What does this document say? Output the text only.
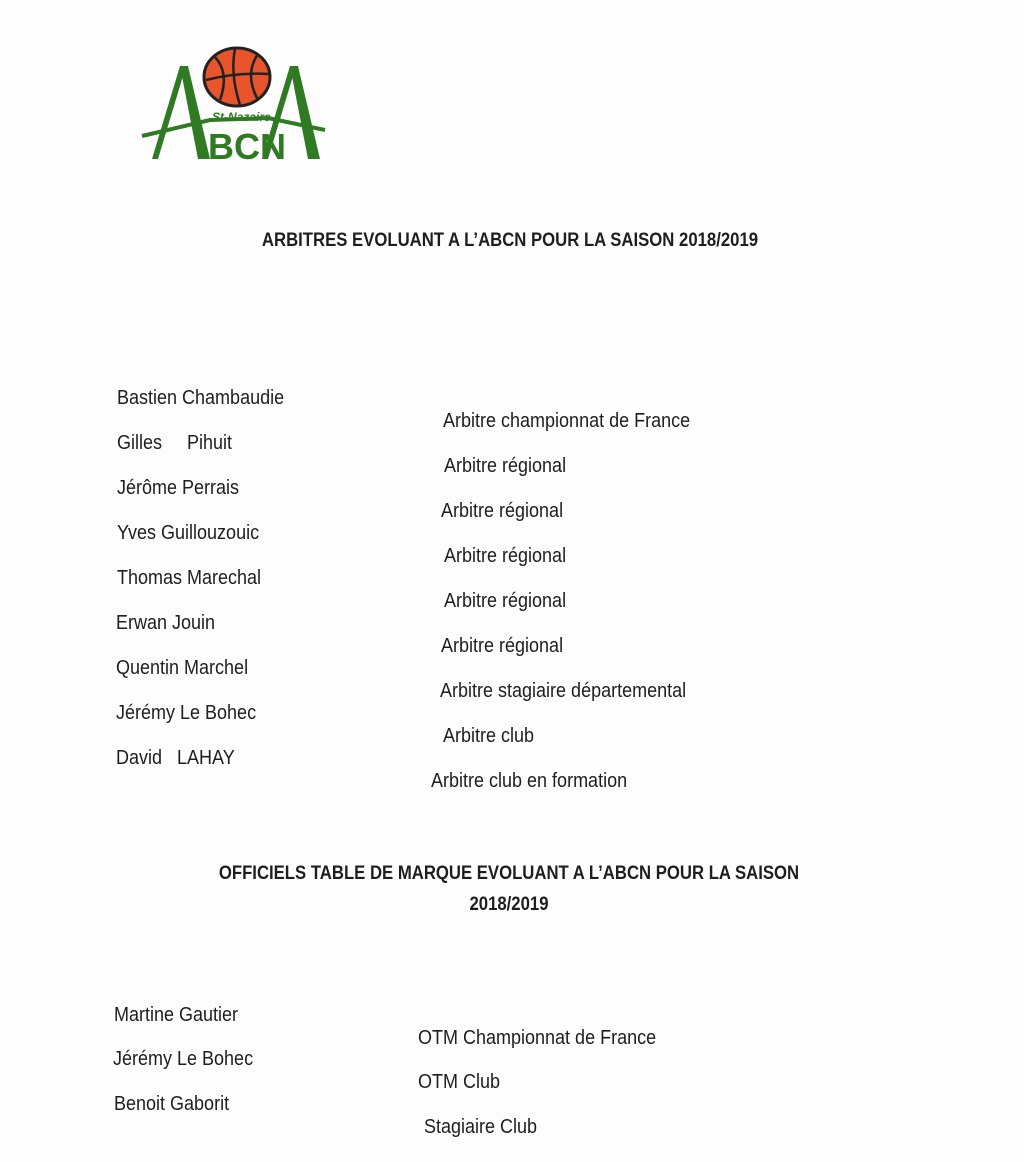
St-Nazaire
BCN
ARBITRES EVOLUANT A L’ABCN POUR LA SAISON 2018/2019

Bastien Chambaudie

Arbitre championnat de France

Gilles     Pihuit

Arbitre régional

Jérôme Perrais

Arbitre régional

Yves Guillouzouic

Arbitre régional

Thomas Marechal

Arbitre régional

Erwan Jouin

Arbitre régional

Quentin Marchel

Arbitre stagiaire départemental

Jérémy Le Bohec

Arbitre club

David   LAHAY

Arbitre club en formation

OFFICIELS TABLE DE MARQUE EVOLUANT A L’ABCN POUR LA SAISON
2018/2019

Martine Gautier

OTM Championnat de France

Jérémy Le Bohec

OTM Club

Benoit Gaborit

Stagiaire Club
